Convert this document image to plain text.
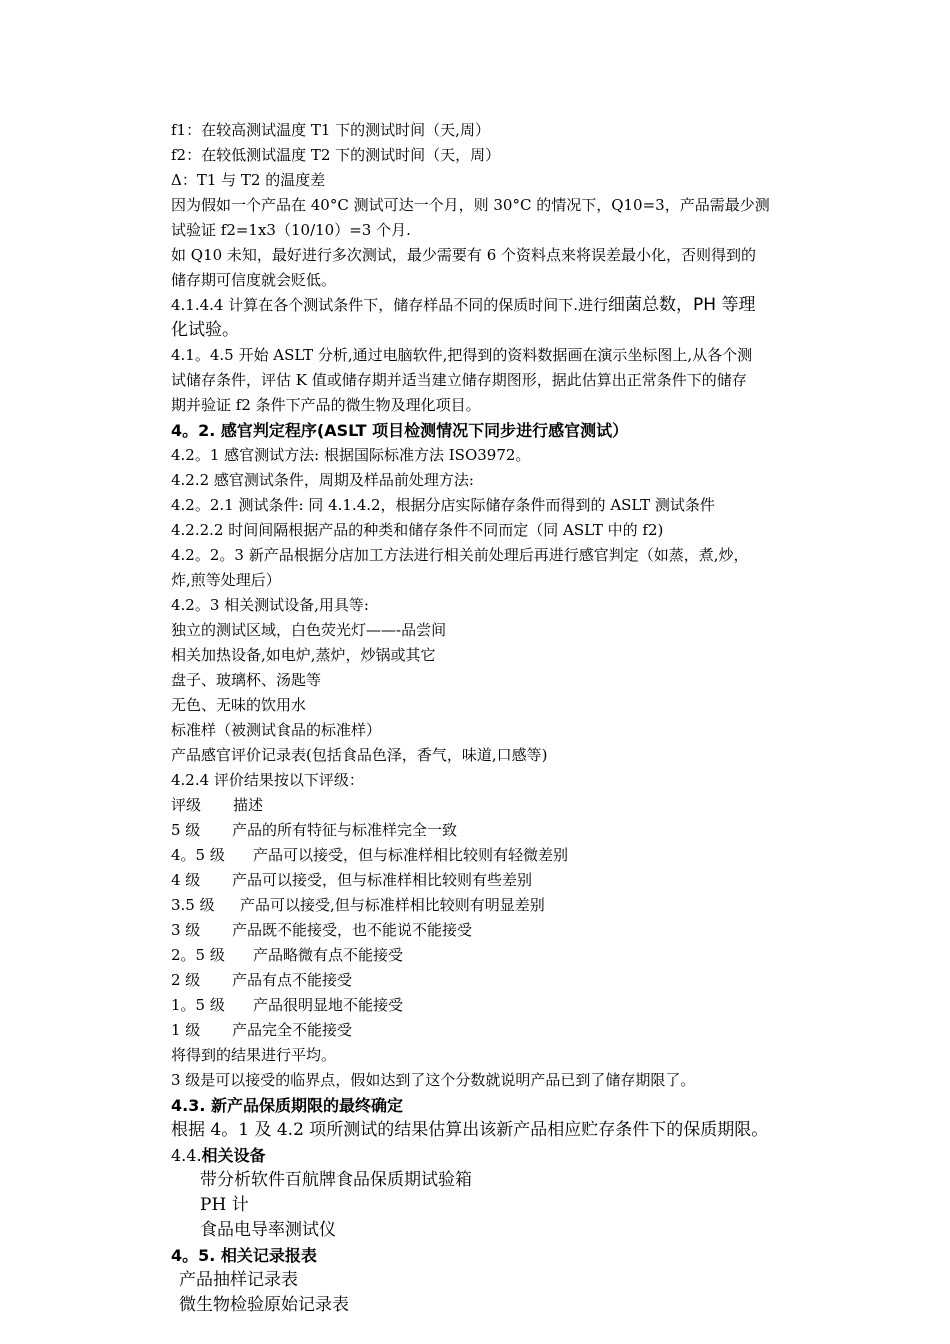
f1：在较高测试温度 T1 下的测试时间（天,周）
f2：在较低测试温度 T2 下的测试时间（天，周）
Δ：T1 与 T2 的温度差
因为假如一个产品在 40°C 测试可达一个月，则 30°C 的情况下，Q10=3，产品需最少测
试验证 f2=1x3（10/10）=3 个月.
如 Q10 未知，最好进行多次测试，最少需要有 6 个资料点来将误差最小化，否则得到的
储存期可信度就会贬低。
4.1.4.4 计算在各个测试条件下，储存样品不同的保质时间下.进行细菌总数，PH 等理
化试验。
4.1。4.5 开始 ASLT 分析,通过电脑软件,把得到的资料数据画在演示坐标图上,从各个测
试储存条件，评估 K 值或储存期并适当建立储存期图形，据此估算出正常条件下的储存
期并验证 f2 条件下产品的微生物及理化项目。
4。2. 感官判定程序(ASLT 项目检测情况下同步进行感官测试）
4.2。1 感官测试方法: 根据国际标准方法 ISO3972。
4.2.2 感官测试条件，周期及样品前处理方法:
4.2。2.1 测试条件: 同 4.1.4.2，根据分店实际储存条件而得到的 ASLT 测试条件
4.2.2.2 时间间隔根据产品的种类和储存条件不同而定（同 ASLT 中的 f2)
4.2。2。3 新产品根据分店加工方法进行相关前处理后再进行感官判定（如蒸，煮,炒，
炸,煎等处理后）
4.2。3 相关测试设备,用具等:
独立的测试区域，白色荧光灯——-品尝间
相关加热设备,如电炉,蒸炉，炒锅或其它
盘子、玻璃杯、汤匙等
无色、无味的饮用水
标准样（被测试食品的标准样）
产品感官评价记录表(包括食品色泽，香气，味道,口感等)
4.2.4 评价结果按以下评级：
评级 描述
5 级 产品的所有特征与标准样完全一致
4。5 级 产品可以接受，但与标准样相比较则有轻微差别
4 级 产品可以接受，但与标准样相比较则有些差别
3.5 级 产品可以接受,但与标准样相比较则有明显差别
3 级 产品既不能接受，也不能说不能接受
2。5 级 产品略微有点不能接受
2 级 产品有点不能接受
1。5 级 产品很明显地不能接受
1 级 产品完全不能接受
将得到的结果进行平均。
3 级是可以接受的临界点，假如达到了这个分数就说明产品已到了储存期限了。
4.3. 新产品保质期限的最终确定
根据 4。1 及 4.2 项所测试的结果估算出该新产品相应贮存条件下的保质期限。
4.4.相关设备
带分析软件百航牌食品保质期试验箱
PH 计
食品电导率测试仪
4。5. 相关记录报表
产品抽样记录表
微生物检验原始记录表
